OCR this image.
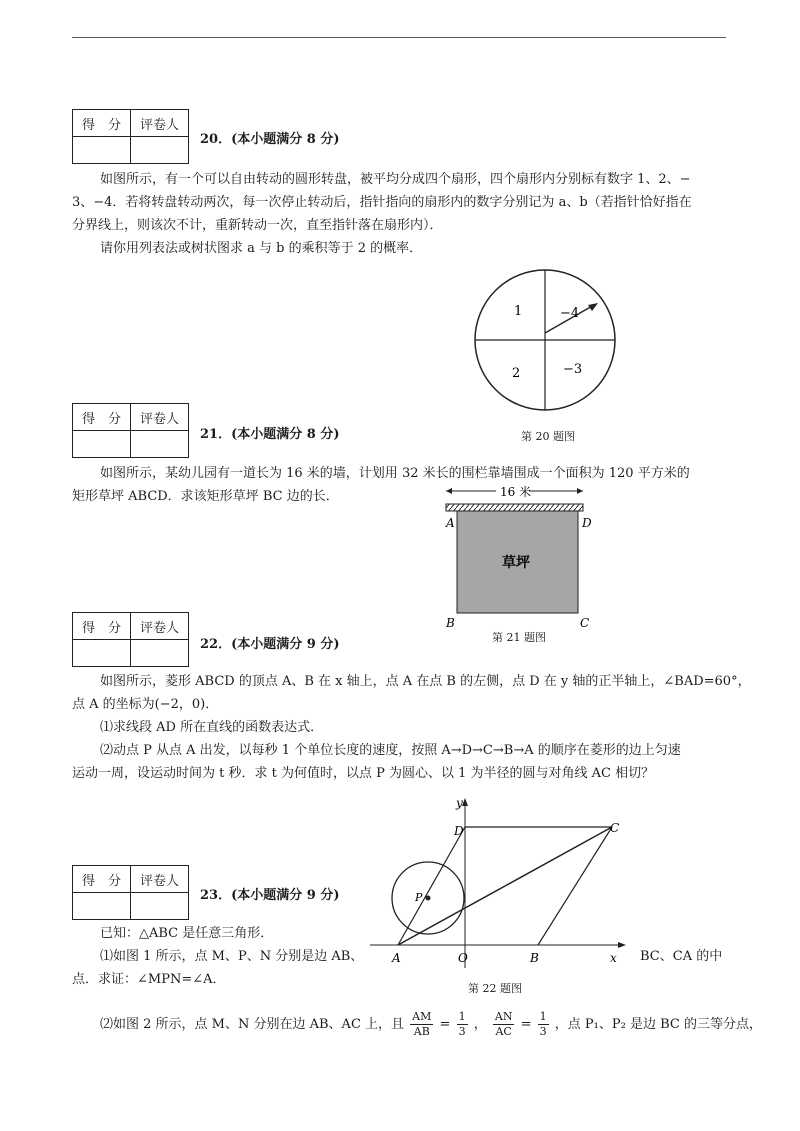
得　分	评卷人

20．(本小题满分 8 分)
如图所示，有一个可以自由转动的圆形转盘，被平均分成四个扇形，四个扇形内分别标有数字 1、2、−
3、−4．若将转盘转动两次，每一次停止转动后，指针指向的扇形内的数字分别记为 a、b（若指针恰好指在
分界线上，则该次不计，重新转动一次，直至指针落在扇形内）．
请你用列表法或树状图求 a 与 b 的乘积等于 2 的概率．
1	−4
2	−3
第 20 题图
得　分	评卷人

21．(本小题满分 8 分)
如图所示，某幼儿园有一道长为 16 米的墙，计划用 32 米长的围栏靠墙围成一个面积为 120 平方米的
矩形草坪 ABCD．求该矩形草坪 BC 边的长．	16 米
草坪
A	D
B	C
第 21 题图
得　分	评卷人

22．(本小题满分 9 分)
如图所示，菱形 ABCD 的顶点 A、B 在 x 轴上，点 A 在点 B 的左侧，点 D 在 y 轴的正半轴上，∠BAD=60°，
点 A 的坐标为(−2，0)．
⑴求线段 AD 所在直线的函数表达式．
⑵动点 P 从点 A 出发，以每秒 1 个单位长度的速度，按照 A→D→C→B→A 的顺序在菱形的边上匀速
运动一周，设运动时间为 t 秒．求 t 为何值时，以点 P 为圆心、以 1 为半径的圆与对角线 AC 相切？
y
x
P
D	C
A	O	B
第 22 题图
得　分	评卷人

23．(本小题满分 9 分)
已知：△ABC 是任意三角形．
⑴如图 1 所示，点 M、P、N 分别是边 AB、	BC、CA 的中
点．求证：∠MPN=∠A．
⑵如图 2 所示，点 M、N 分别在边 AB、AC 上，且 $\frac{AM}{AB} = \frac{1}{3}$ ， $\frac{AN}{AC} = \frac{1}{3}$ ，点 P₁、P₂ 是边 BC 的三等分点，
